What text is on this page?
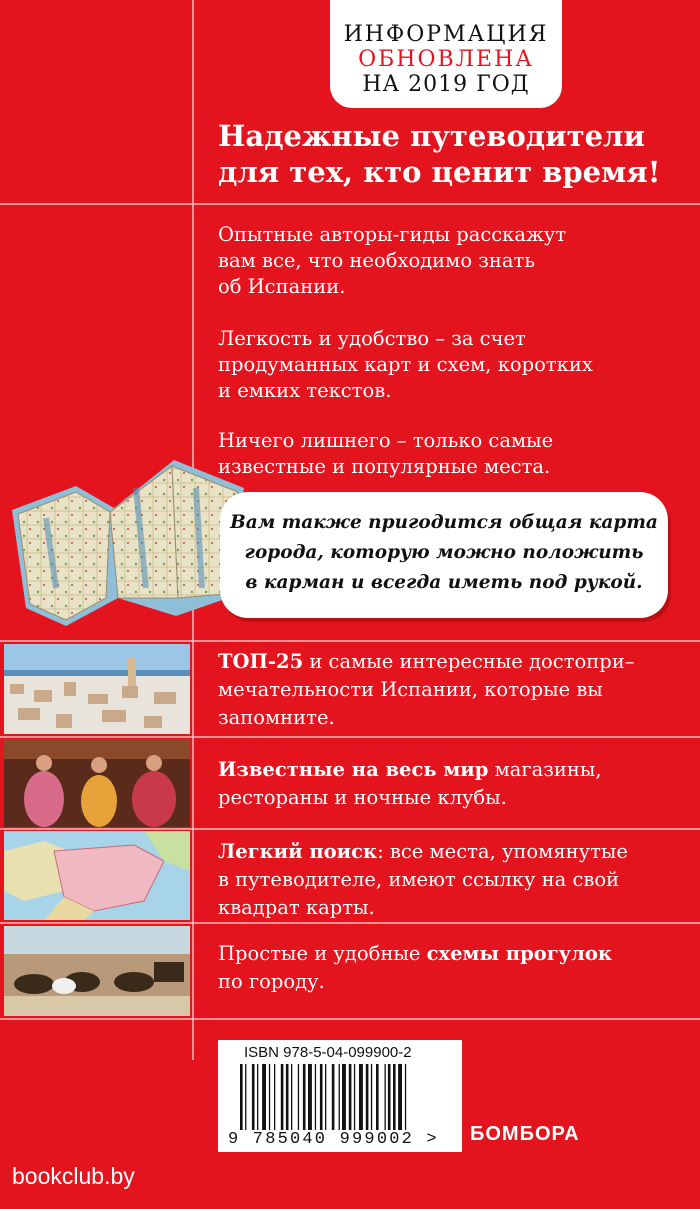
ИНФОРМАЦИЯ
ОБНОВЛЕНА
НА 2019 ГОД
Надежные путеводители
для тех, кто ценит время!
Опытные авторы-гиды расскажут
вам все, что необходимо знать
об Испании.
Легкость и удобство – за счет
продуманных карт и схем, коротких
и емких текстов.
Ничего лишнего – только самые
известные и популярные места.
Вам также пригодится общая карта
города, которую можно положить
в карман и всегда иметь под рукой.
ТОП-25 и самые интересные достопри–
мечательности Испании, которые вы
запомните.
Известные на весь мир магазины,
рестораны и ночные клубы.
Легкий поиск: все места, упомянутые
в путеводителе, имеют ссылку на свой
квадрат карты.
Простые и удобные схемы прогулок
по городу.
ISBN 978-5-04-099900-2
9 785040 999002 >	БОМБОРА
bookclub.by
